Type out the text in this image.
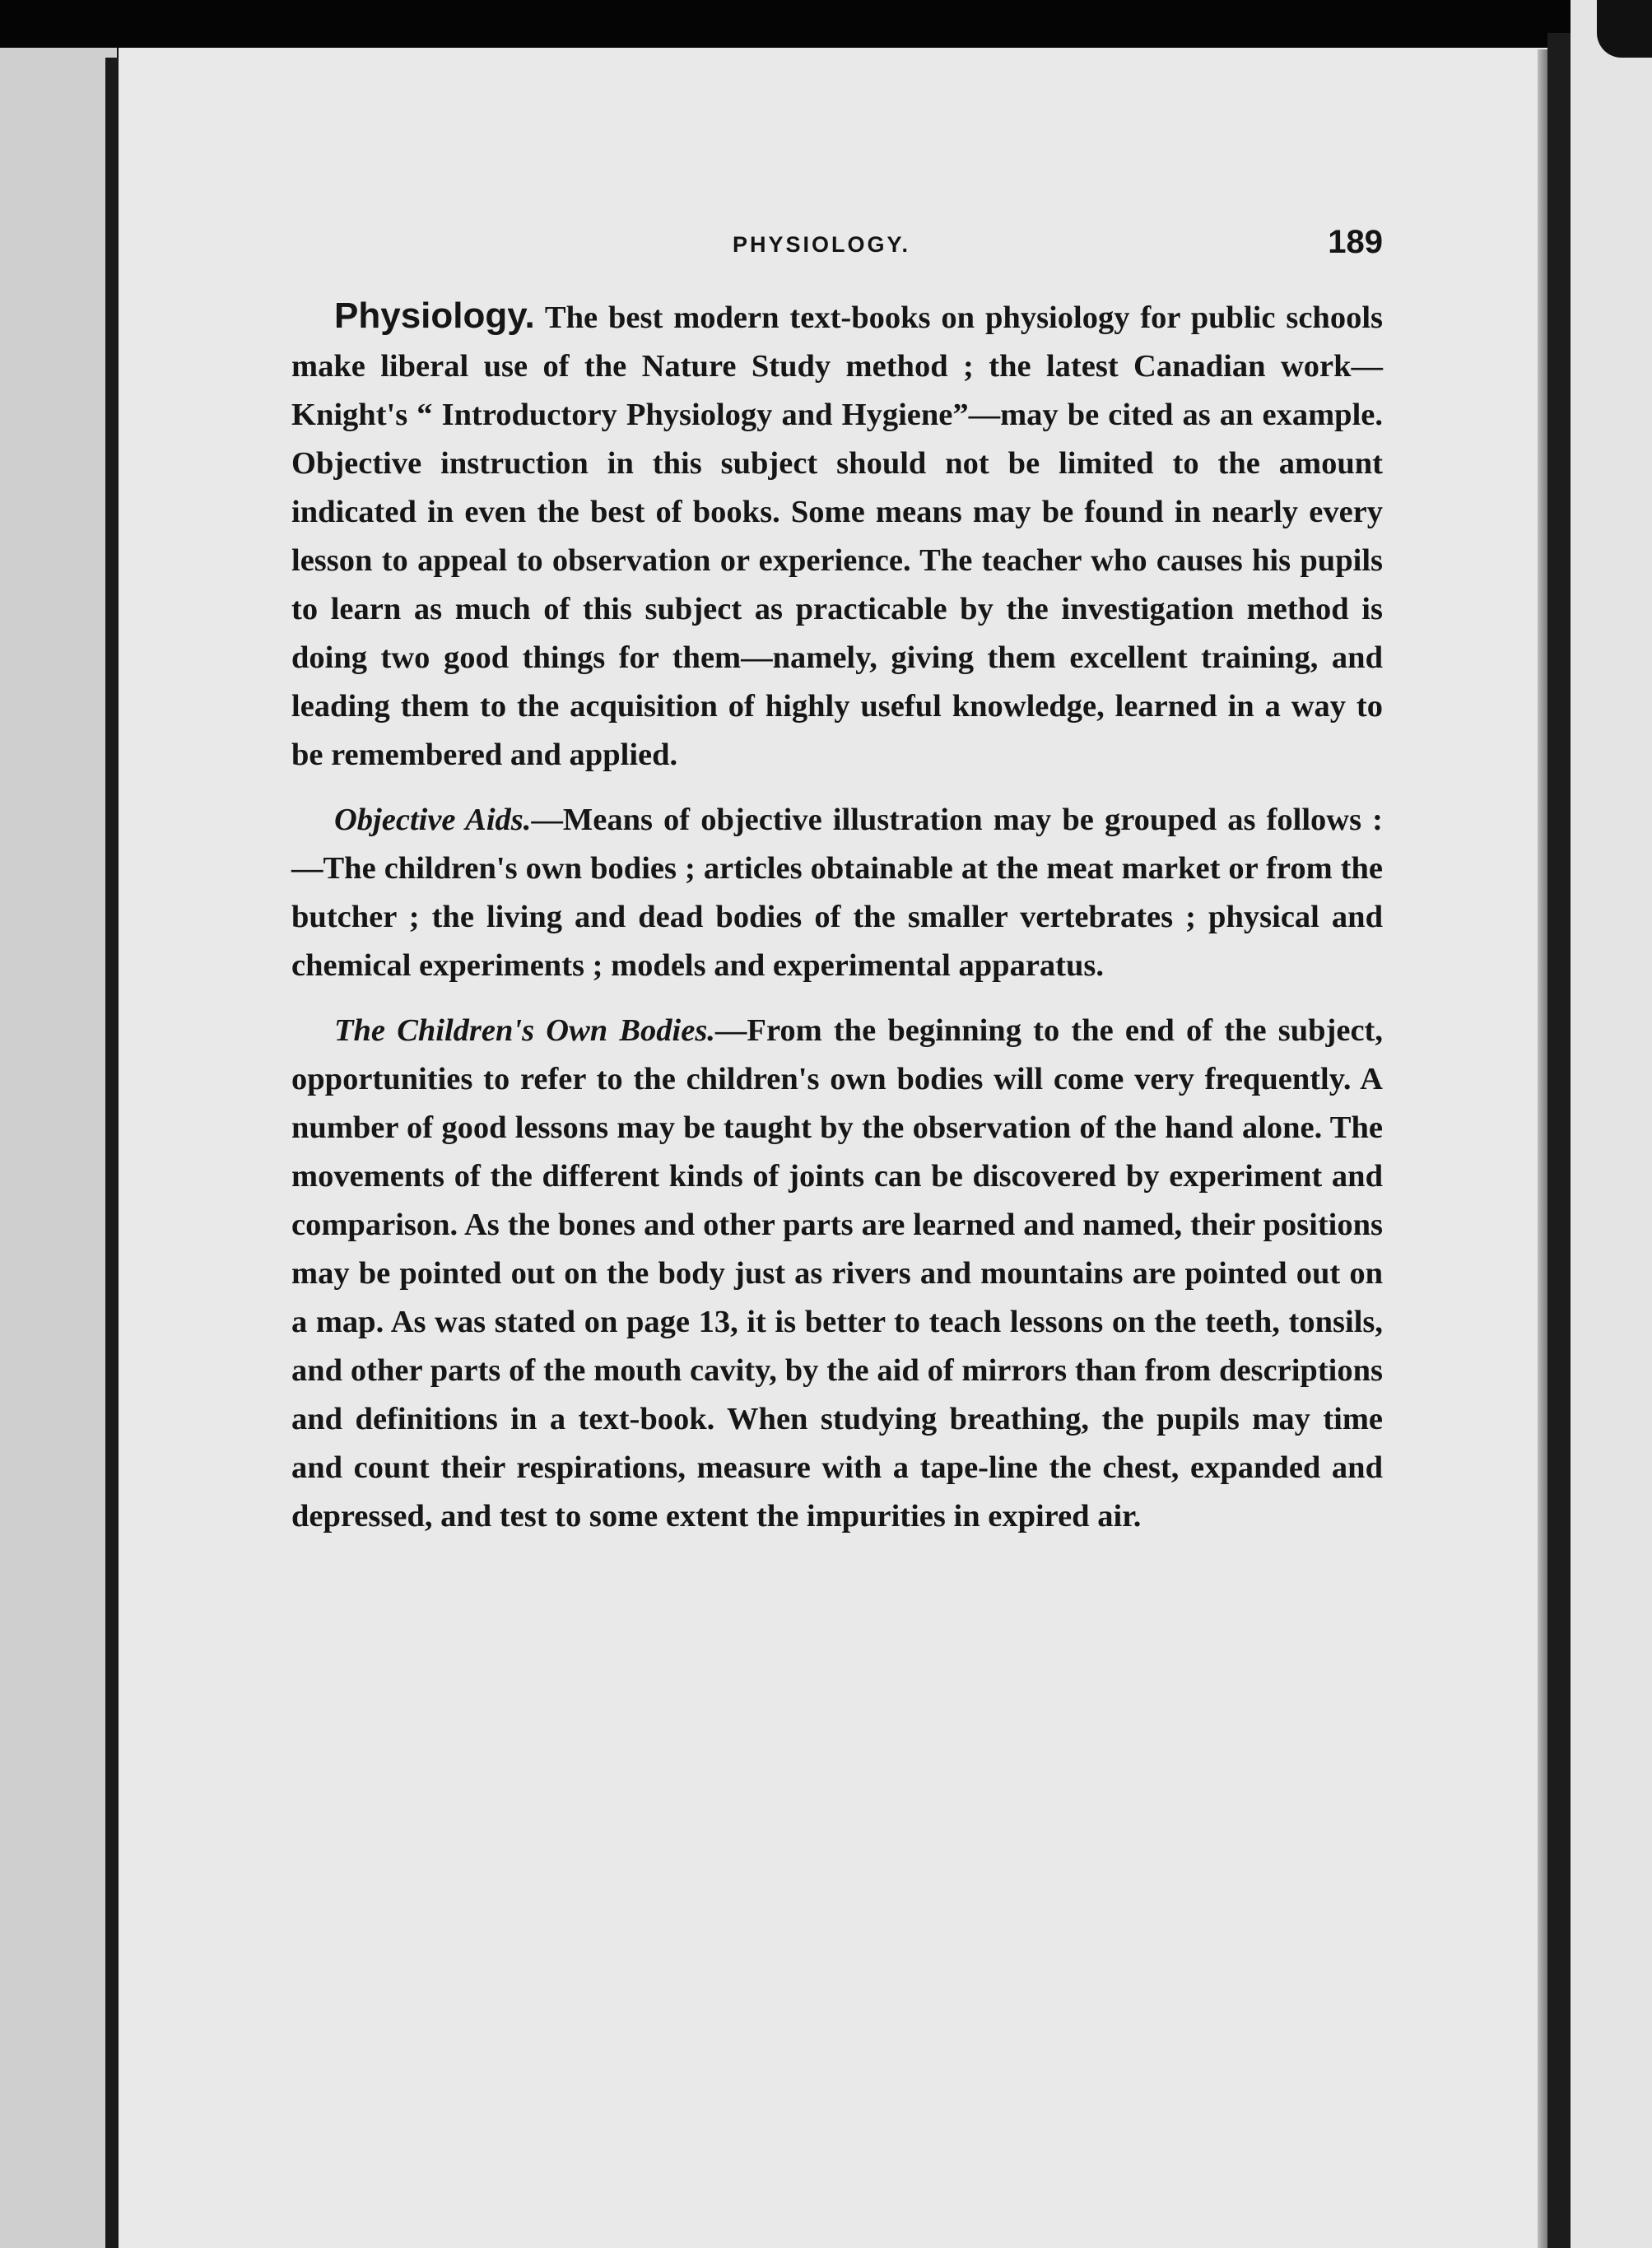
PHYSIOLOGY.	189

Physiology. The best modern text-books on physiology for public schools make liberal use of the Nature Study method ; the latest Canadian work—Knight's “ Introductory Physiology and Hygiene”—may be cited as an example. Objective instruction in this subject should not be limited to the amount indicated in even the best of books. Some means may be found in nearly every lesson to appeal to observation or experience. The teacher who causes his pupils to learn as much of this subject as practicable by the investigation method is doing two good things for them—namely, giving them excellent training, and leading them to the acquisition of highly useful knowledge, learned in a way to be remembered and applied.

Objective Aids.—Means of objective illustration may be grouped as follows :—The children's own bodies ; articles obtainable at the meat market or from the butcher ; the living and dead bodies of the smaller vertebrates ; physical and chemical experiments ; models and experimental apparatus.

The Children's Own Bodies.—From the beginning to the end of the subject, opportunities to refer to the children's own bodies will come very frequently. A number of good lessons may be taught by the observation of the hand alone. The movements of the different kinds of joints can be discovered by experiment and comparison. As the bones and other parts are learned and named, their positions may be pointed out on the body just as rivers and mountains are pointed out on a map. As was stated on page 13, it is better to teach lessons on the teeth, tonsils, and other parts of the mouth cavity, by the aid of mirrors than from descriptions and definitions in a text-book. When studying breathing, the pupils may time and count their respirations, measure with a tape-line the chest, expanded and depressed, and test to some extent the impurities in expired air.
